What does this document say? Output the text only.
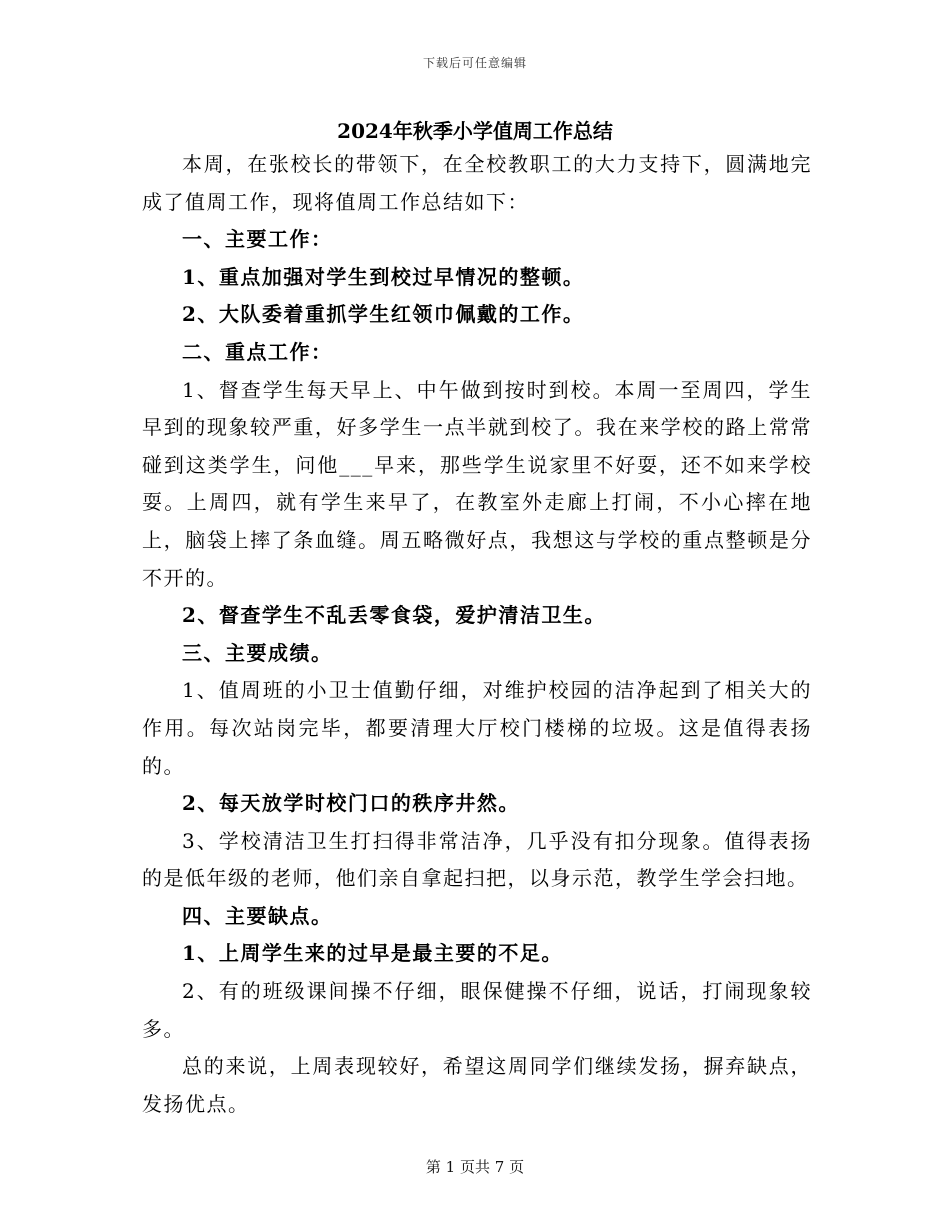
下载后可任意编辑
2024年秋季小学值周工作总结

本周，在张校长的带领下，在全校教职工的大力支持下，圆满地完成了值周工作，现将值周工作总结如下：

一、主要工作：

1、重点加强对学生到校过早情况的整顿。

2、大队委着重抓学生红领巾佩戴的工作。

二、重点工作：

1、督查学生每天早上、中午做到按时到校。本周一至周四，学生早到的现象较严重，好多学生一点半就到校了。我在来学校的路上常常碰到这类学生，问他___早来，那些学生说家里不好耍，还不如来学校耍。上周四，就有学生来早了，在教室外走廊上打闹，不小心摔在地上，脑袋上摔了条血缝。周五略微好点，我想这与学校的重点整顿是分不开的。

2、督查学生不乱丢零食袋，爱护清洁卫生。

三、主要成绩。

1、值周班的小卫士值勤仔细，对维护校园的洁净起到了相关大的作用。每次站岗完毕，都要清理大厅校门楼梯的垃圾。这是值得表扬的。

2、每天放学时校门口的秩序井然。

3、学校清洁卫生打扫得非常洁净，几乎没有扣分现象。值得表扬的是低年级的老师，他们亲自拿起扫把，以身示范，教学生学会扫地。

四、主要缺点。

1、上周学生来的过早是最主要的不足。

2、有的班级课间操不仔细，眼保健操不仔细，说话，打闹现象较多。

总的来说，上周表现较好，希望这周同学们继续发扬，摒弃缺点，发扬优点。

第 1 页共 7 页
